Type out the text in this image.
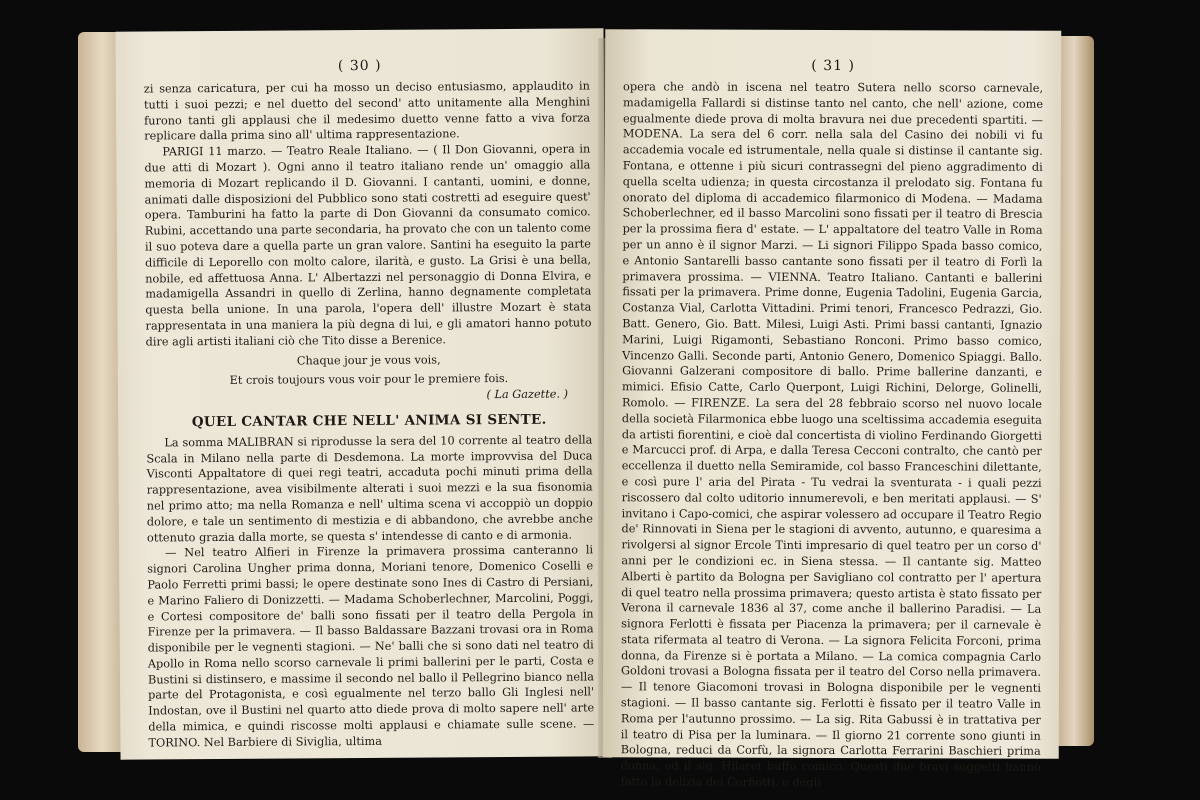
( 30 )

zi senza caricatura, per cui ha mosso un deciso entusiasmo, applaudito in tutti i suoi pezzi; e nel duetto del second' atto unitamente alla Menghini furono tanti gli applausi che il medesimo duetto venne fatto a viva forza replicare dalla prima sino all' ultima rappresentazione.

PARIGI 11 marzo. — Teatro Reale Italiano. — ( Il Don Giovanni, opera in due atti di Mozart ). Ogni anno il teatro italiano rende un' omaggio alla memoria di Mozart replicando il D. Giovanni. I cantanti, uomini, e donne, animati dalle disposizioni del Pubblico sono stati costretti ad eseguire quest' opera. Tamburini ha fatto la parte di Don Giovanni da consumato comico. Rubini, accettando una parte secondaria, ha provato che con un talento come il suo poteva dare a quella parte un gran valore. Santini ha eseguito la parte difficile di Leporello con molto calore, ilarità, e gusto. La Grisi è una bella, nobile, ed affettuosa Anna. L' Albertazzi nel personaggio di Donna Elvira, e madamigella Assandri in quello di Zerlina, hanno degnamente completata questa bella unione. In una parola, l'opera dell' illustre Mozart è stata rappresentata in una maniera la più degna di lui, e gli amatori hanno potuto dire agli artisti italiani ciò che Tito disse a Berenice.

Chaque jour je vous vois,
Et crois toujours vous voir pour le premiere fois.
( La Gazette. )
QUEL CANTAR CHE NELL' ANIMA SI SENTE.

La somma MALIBRAN si riprodusse la sera del 10 corrente al teatro della Scala in Milano nella parte di Desdemona. La morte improvvisa del Duca Visconti Appaltatore di quei regi teatri, accaduta pochi minuti prima della rappresentazione, avea visibilmente alterati i suoi mezzi e la sua fisonomia nel primo atto; ma nella Romanza e nell' ultima scena vi accoppiò un doppio dolore, e tale un sentimento di mestizia e di abbandono, che avrebbe anche ottenuto grazia dalla morte, se questa s' intendesse di canto e di armonia.

— Nel teatro Alfieri in Firenze la primavera prossima canteranno li signori Carolina Ungher prima donna, Moriani tenore, Domenico Coselli e Paolo Ferretti primi bassi; le opere destinate sono Ines di Castro di Persiani, e Marino Faliero di Donizzetti. — Madama Schoberlechner, Marcolini, Poggi, e Cortesi compositore de' balli sono fissati per il teatro della Pergola in Firenze per la primavera. — Il basso Baldassare Bazzani trovasi ora in Roma disponibile per le vegnenti stagioni. — Ne' balli che si sono dati nel teatro di Apollo in Roma nello scorso carnevale li primi ballerini per le parti, Costa e Bustini si distinsero, e massime il secondo nel ballo il Pellegrino bianco nella parte del Protagonista, e così egualmente nel terzo ballo Gli Inglesi nell' Indostan, ove il Bustini nel quarto atto diede prova di molto sapere nell' arte della mimica, e quindi riscosse molti applausi e chiamate sulle scene. — TORINO. Nel Barbiere di Siviglia, ultima

( 31 )

opera che andò in iscena nel teatro Sutera nello scorso carnevale, madamigella Fallardi si distinse tanto nel canto, che nell' azione, come egualmente diede prova di molta bravura nei due precedenti spartiti. — MODENA. La sera del 6 corr. nella sala del Casino dei nobili vi fu accademia vocale ed istrumentale, nella quale si distinse il cantante sig. Fontana, e ottenne i più sicuri contrassegni del pieno aggradimento di quella scelta udienza; in questa circostanza il prelodato sig. Fontana fu onorato del diploma di accademico filarmonico di Modena. — Madama Schoberlechner, ed il basso Marcolini sono fissati per il teatro di Brescia per la prossima fiera d' estate. — L' appaltatore del teatro Valle in Roma per un anno è il signor Marzi. — Li signori Filippo Spada basso comico, e Antonio Santarelli basso cantante sono fissati per il teatro di Forlì la primavera prossima. — VIENNA. Teatro Italiano. Cantanti e ballerini fissati per la primavera. Prime donne, Eugenia Tadolini, Eugenia Garcia, Costanza Vial, Carlotta Vittadini. Primi tenori, Francesco Pedrazzi, Gio. Batt. Genero, Gio. Batt. Milesi, Luigi Asti. Primi bassi cantanti, Ignazio Marini, Luigi Rigamonti, Sebastiano Ronconi. Primo basso comico, Vincenzo Galli. Seconde parti, Antonio Genero, Domenico Spiaggi. Ballo. Giovanni Galzerani compositore di ballo. Prime ballerine danzanti, e mimici. Efisio Catte, Carlo Querpont, Luigi Richini, Delorge, Golinelli, Romolo. — FIRENZE. La sera del 28 febbraio scorso nel nuovo locale della società Filarmonica ebbe luogo una sceltissima accademia eseguita da artisti fiorentini, e cioè dal concertista di violino Ferdinando Giorgetti e Marcucci prof. di Arpa, e dalla Teresa Cecconi contralto, che cantò per eccellenza il duetto nella Semiramide, col basso Franceschini dilettante, e così pure l' aria del Pirata - Tu vedrai la sventurata - i quali pezzi riscossero dal colto uditorio innumerevoli, e ben meritati applausi. — S' invitano i Capo-comici, che aspirar volessero ad occupare il Teatro Regio de' Rinnovati in Siena per le stagioni di avvento, autunno, e quaresima a rivolgersi al signor Ercole Tinti impresario di quel teatro per un corso d' anni per le condizioni ec. in Siena stessa. — Il cantante sig. Matteo Alberti è partito da Bologna per Savigliano col contratto per l' apertura di quel teatro nella prossima primavera; questo artista è stato fissato per Verona il carnevale 1836 al 37, come anche il ballerino Paradisi. — La signora Ferlotti è fissata per Piacenza la primavera; per il carnevale è stata rifermata al teatro di Verona. — La signora Felicita Forconi, prima donna, da Firenze si è portata a Milano. — La comica compagnia Carlo Goldoni trovasi a Bologna fissata per il teatro del Corso nella primavera. — Il tenore Giacomoni trovasi in Bologna disponibile per le vegnenti stagioni. — Il basso cantante sig. Ferlotti è fissato per il teatro Valle in Roma per l'autunno prossimo. — La sig. Rita Gabussi è in trattativa per il teatro di Pisa per la luminara. — Il giorno 21 corrente sono giunti in Bologna, reduci da Corfù, la signora Carlotta Ferrarini Baschieri prima donna, ed il sig. Hilaret buffo comico. Questi due bravi soggetti hanno fatto la delizia dei Corfiotti, e degli
